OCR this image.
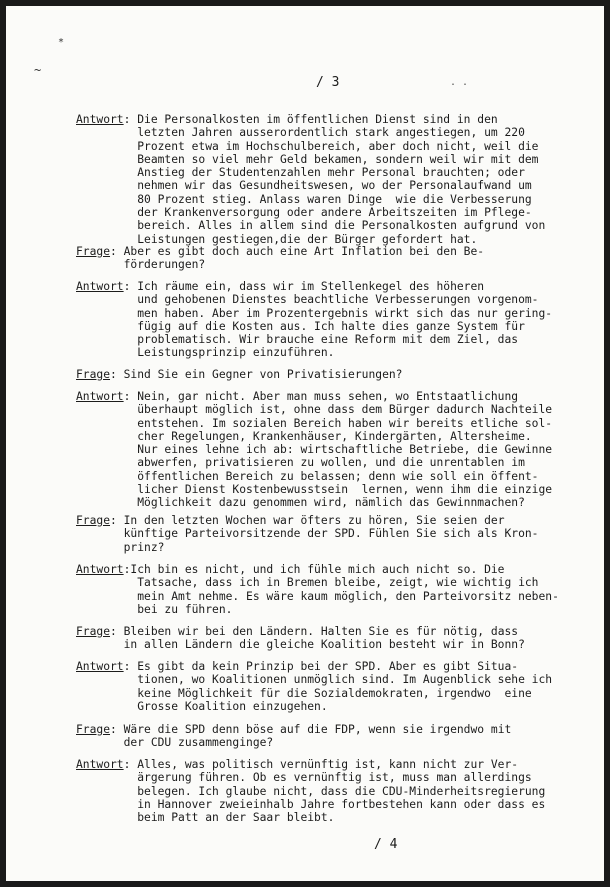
*
~
/ 3	..
Antwort: Die Personalkosten im öffentlichen Dienst sind in den
letzten Jahren ausserordentlich stark angestiegen, um 220
Prozent etwa im Hochschulbereich, aber doch nicht, weil die
Beamten so viel mehr Geld bekamen, sondern weil wir mit dem
Anstieg der Studentenzahlen mehr Personal brauchten; oder
nehmen wir das Gesundheitswesen, wo der Personalaufwand um
80 Prozent stieg. Anlass waren Dinge  wie die Verbesserung
der Krankenversorgung oder andere Arbeitszeiten im Pflege-
bereich. Alles in allem sind die Personalkosten aufgrund von
Leistungen gestiegen,die der Bürger gefordert hat.
Frage: Aber es gibt doch auch eine Art Inflation bei den Be-
förderungen?
Antwort: Ich räume ein, dass wir im Stellenkegel des höheren
und gehobenen Dienstes beachtliche Verbesserungen vorgenom-
men haben. Aber im Prozentergebnis wirkt sich das nur gering-
fügig auf die Kosten aus. Ich halte dies ganze System für
problematisch. Wir brauche eine Reform mit dem Ziel, das
Leistungsprinzip einzuführen.
Frage: Sind Sie ein Gegner von Privatisierungen?
Antwort: Nein, gar nicht. Aber man muss sehen, wo Entstaatlichung
überhaupt möglich ist, ohne dass dem Bürger dadurch Nachteile
entstehen. Im sozialen Bereich haben wir bereits etliche sol-
cher Regelungen, Krankenhäuser, Kindergärten, Altersheime.
Nur eines lehne ich ab: wirtschaftliche Betriebe, die Gewinne
abwerfen, privatisieren zu wollen, und die unrentablen im
öffentlichen Bereich zu belassen; denn wie soll ein öffent-
licher Dienst Kostenbewusstsein  lernen, wenn ihm die einzige
Möglichkeit dazu genommen wird, nämlich das Gewinnmachen?
Frage: In den letzten Wochen war öfters zu hören, Sie seien der
künftige Parteivorsitzende der SPD. Fühlen Sie sich als Kron-
prinz?
Antwort:Ich bin es nicht, und ich fühle mich auch nicht so. Die
Tatsache, dass ich in Bremen bleibe, zeigt, wie wichtig ich
mein Amt nehme. Es wäre kaum möglich, den Parteivorsitz neben-
bei zu führen.
Frage: Bleiben wir bei den Ländern. Halten Sie es für nötig, dass
in allen Ländern die gleiche Koalition besteht wir in Bonn?
Antwort: Es gibt da kein Prinzip bei der SPD. Aber es gibt Situa-
tionen, wo Koalitionen unmöglich sind. Im Augenblick sehe ich
keine Möglichkeit für die Sozialdemokraten, irgendwo  eine
Grosse Koalition einzugehen.
Frage: Wäre die SPD denn böse auf die FDP, wenn sie irgendwo mit
der CDU zusammenginge?
Antwort: Alles, was politisch vernünftig ist, kann nicht zur Ver-
ärgerung führen. Ob es vernünftig ist, muss man allerdings
belegen. Ich glaube nicht, dass die CDU-Minderheitsregierung
in Hannover zweieinhalb Jahre fortbestehen kann oder dass es
beim Patt an der Saar bleibt.
/ 4
